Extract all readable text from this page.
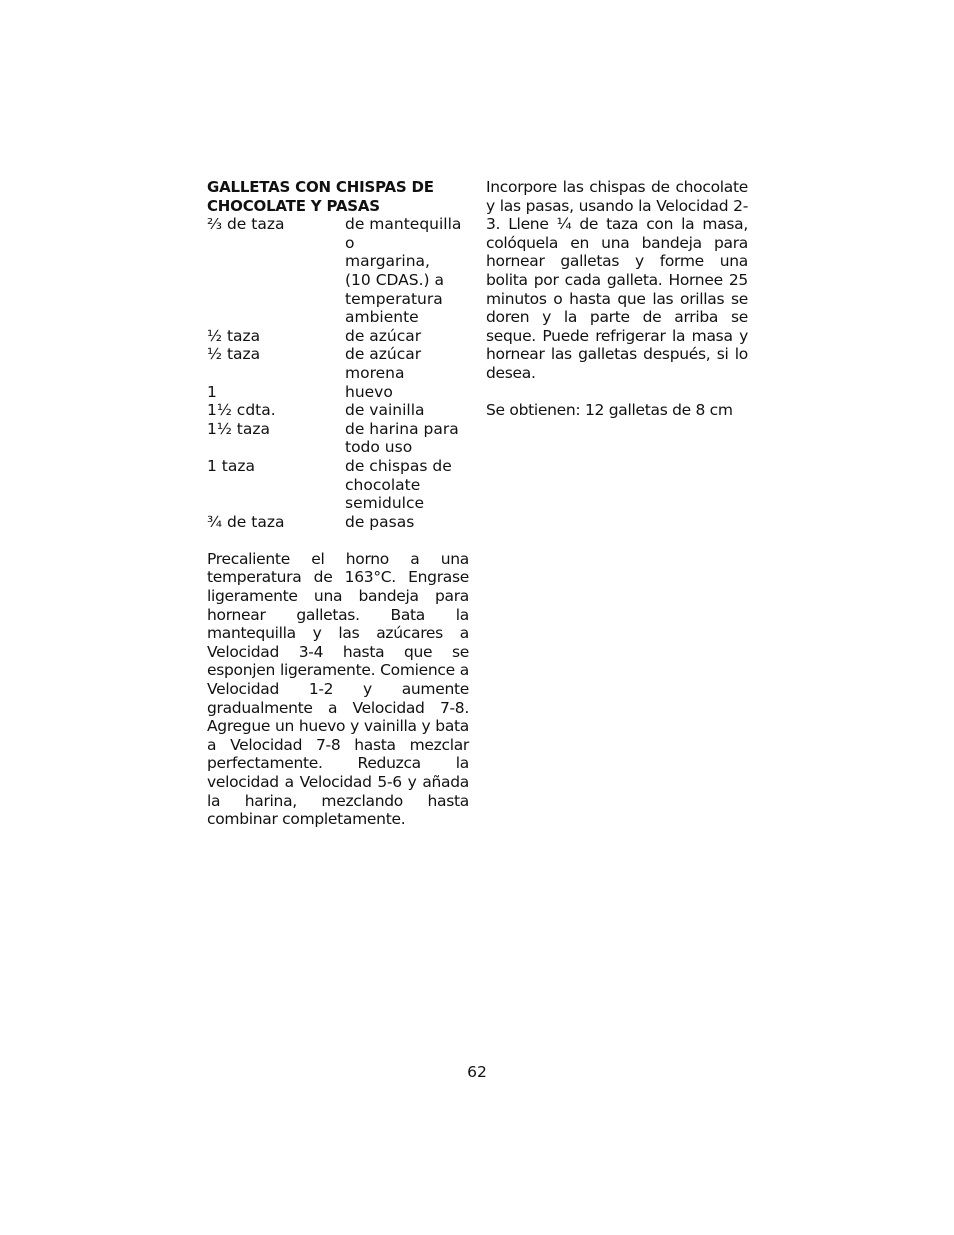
GALLETAS CON CHISPAS DE
CHOCOLATE Y PASAS
⅔ de taza	de mantequilla o
margarina,
(10 CDAS.) a
temperatura
ambiente
½ taza	de azúcar
½ taza	de azúcar
morena
1	huevo
1½ cdta.	de vainilla
1½ taza	de harina para
todo uso
1 taza	de chispas de
chocolate
semidulce
¾ de taza	de pasas

Precaliente el horno a una temperatura de 163°C. Engrase ligeramente una bandeja para hornear galletas. Bata la mantequilla y las azúcares a Velocidad 3-4 hasta que se esponjen ligeramente. Comience a Velocidad 1-2 y aumente gradualmente a Velocidad 7-8. Agregue un huevo y vainilla y bata a Velocidad 7-8 hasta mezclar perfectamente. Reduzca la velocidad a Velocidad 5-6 y añada la harina, mezclando hasta combinar completamente.

Incorpore las chispas de chocolate y las pasas, usando la Velocidad 2-3. Llene ¼ de taza con la masa, colóquela en una bandeja para hornear galletas y forme una bolita por cada galleta. Hornee 25 minutos o hasta que las orillas se doren y la parte de arriba se seque. Puede refrigerar la masa y hornear las galletas después, si lo desea.

Se obtienen: 12 galletas de 8 cm

62
